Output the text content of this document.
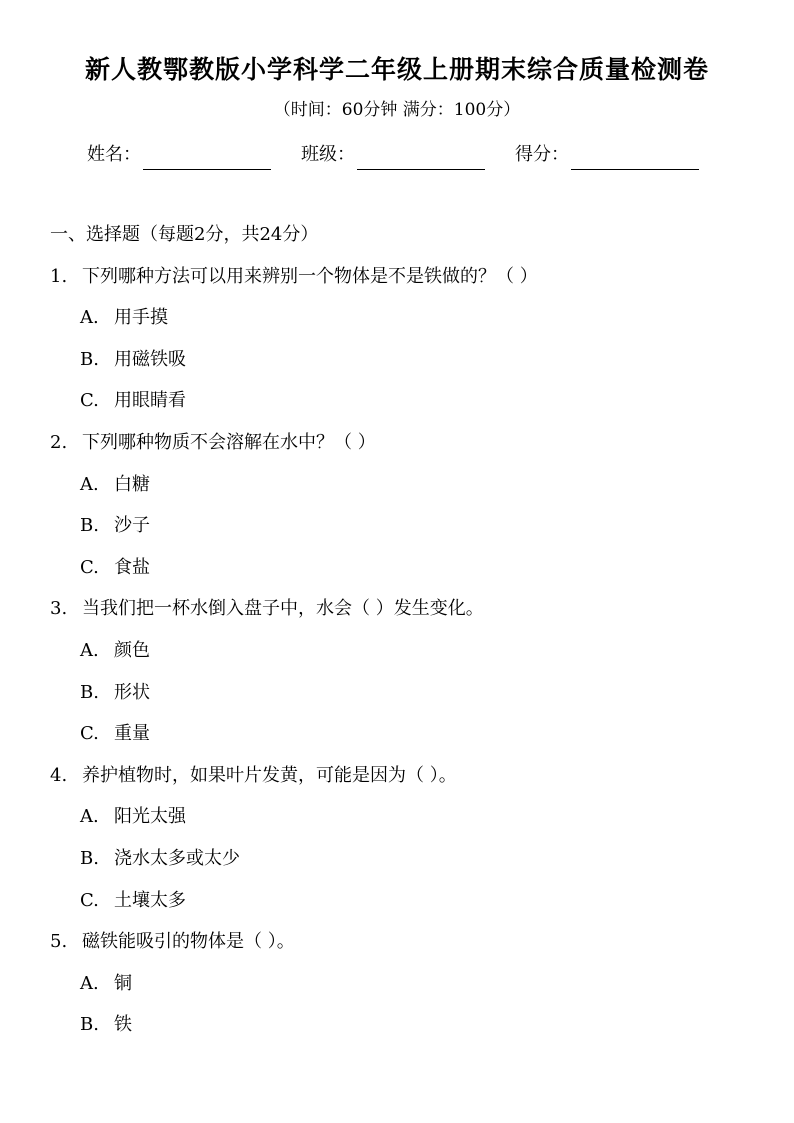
新人教鄂教版小学科学二年级上册期末综合质量检测卷
（时间：60分钟 满分：100分）
姓名：	班级：	得分：
一、选择题（每题2分，共24分）
1. 下列哪种方法可以用来辨别一个物体是不是铁做的？（ ）
A. 用手摸
B. 用磁铁吸
C. 用眼睛看
2. 下列哪种物质不会溶解在水中？（ ）
A. 白糖
B. 沙子
C. 食盐
3. 当我们把一杯水倒入盘子中，水会（ ）发生变化。
A. 颜色
B. 形状
C. 重量
4. 养护植物时，如果叶片发黄，可能是因为（ ）。
A. 阳光太强
B. 浇水太多或太少
C. 土壤太多
5. 磁铁能吸引的物体是（ ）。
A. 铜
B. 铁
